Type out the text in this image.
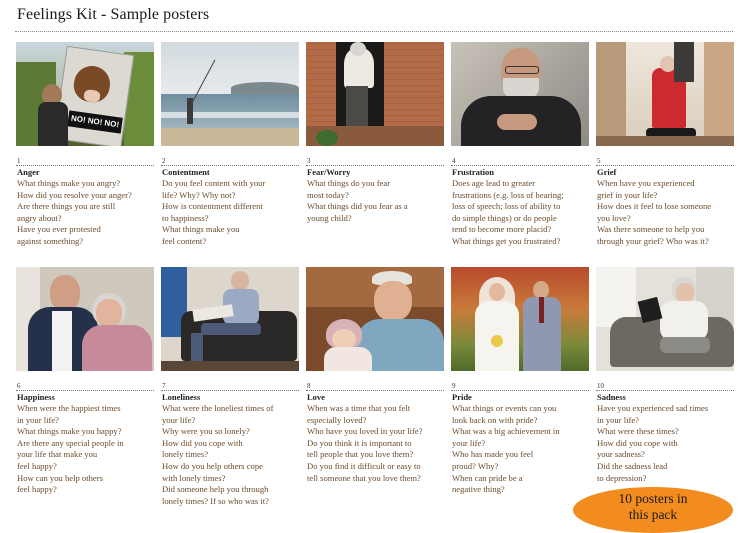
Feelings Kit - Sample posters
NO! NO! NO!
1
Anger

What things make you angry?

How did you resolve your anger?

Are there things you are still

angry about?

Have you ever protested

against something?

2
Contentment

Do you feel content with your

life? Why? Why not?

How is contentment different

to happiness?

What things make you

feel content?

3
Fear/Worry

What things do you fear

most today?

What things did you fear as a

young child?

4
Frustration

Does age lead to greater

frustrations (e.g. loss of hearing;

loss of speech; loss of ability to

do simple things) or do people

tend to become more placid?

What things get you frustrated?

5
Grief

When have you experienced

grief in your life?

How does it feel to lose someone

you love?

Was there someone to help you

through your grief? Who was it?

6
Happiness

When were the happiest times

in your life?

What things make you happy?

Are there any special people in

your life that make you

feel happy?

How can you help others

feel happy?

7
Loneliness

What were the loneliest times of

your life?

Why were you so lonely?

How did you cope with

lonely times?

How do you help others cope

with lonely times?

Did someone help you through

lonely times? If so who was it?

8
Love

When was a time that you felt

especially loved?

Who have you loved in your life?

Do you think it is important to

tell people that you love them?

Do you find it difficult or easy to

tell someone that you love them?

9
Pride

What things or events can you

look back on with pride?

What was a big achievement in

your life?

Who has made you feel

proud? Why?

When can pride be a

negative thing?

10
Sadness

Have you experienced sad times

in your life?

What were these times?

How did you cope with

your sadness?

Did the sadness lead

to depression?

10 posters in
this pack
